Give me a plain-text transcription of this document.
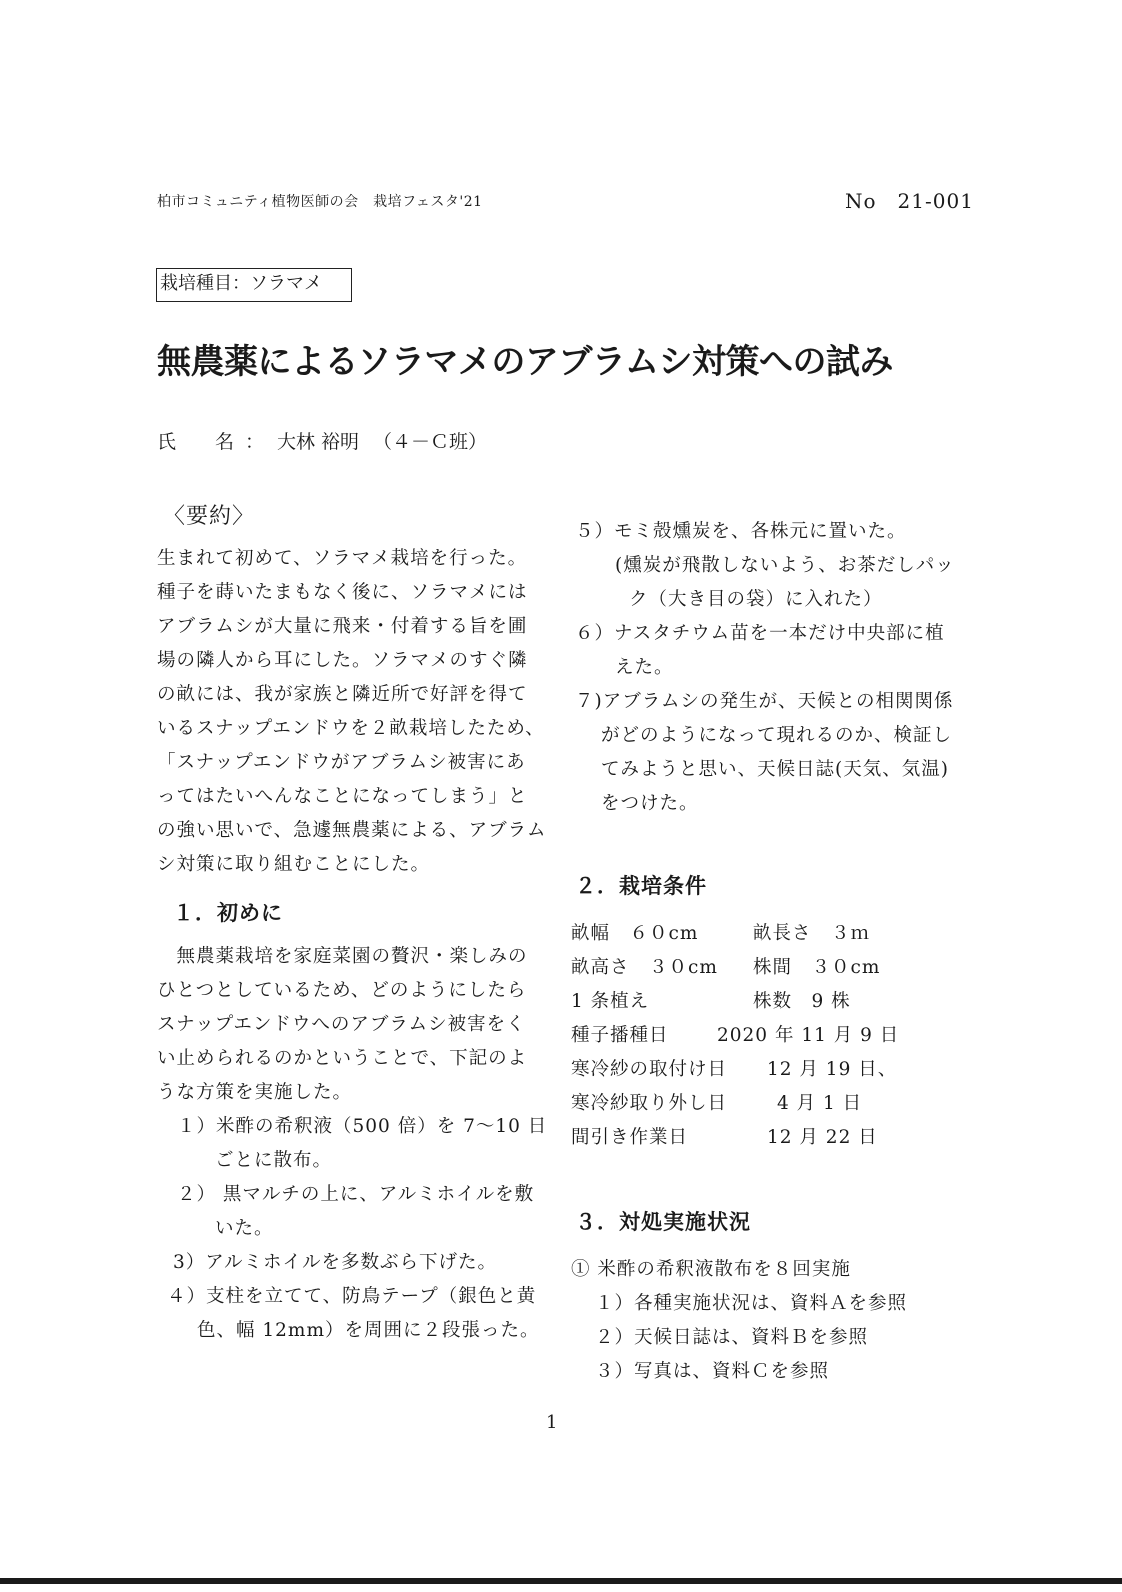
柏市コミュニティ植物医師の会　栽培フェスタ'21	No　21-001
栽培種目：ソラマメ
無農薬によるソラマメのアブラムシ対策への試み
氏 名 ： 大林 裕明 （４－Ｃ班）
〈要約〉
生まれて初めて、ソラマメ栽培を行った。
種子を蒔いたまもなく後に、ソラマメには
アブラムシが大量に飛来・付着する旨を圃
場の隣人から耳にした。ソラマメのすぐ隣
の畝には、我が家族と隣近所で好評を得て
いるスナップエンドウを２畝栽培したため、
「スナップエンドウがアブラムシ被害にあ
ってはたいへんなことになってしまう」と
の強い思いで、急遽無農薬による、アブラム
シ対策に取り組むことにした。
１．初めに
　無農薬栽培を家庭菜園の贅沢・楽しみの
ひとつとしているため、どのようにしたら
スナップエンドウへのアブラムシ被害をく
い止められるのかということで、下記のよ
うな方策を実施した。
１）米酢の希釈液（500 倍）を 7～10 日
ごとに散布。
２） 黒マルチの上に、アルミホイルを敷
いた。
3）アルミホイルを多数ぶら下げた。
４）支柱を立てて、防鳥テープ（銀色と黄
色、幅 12mm）を周囲に２段張った。
５）モミ殻燻炭を、各株元に置いた。
(燻炭が飛散しないよう、お茶だしパッ
ク（大き目の袋）に入れた）
６）ナスタチウム苗を一本だけ中央部に植
えた。
７)アブラムシの発生が、天候との相関関係
がどのようになって現れるのか、検証し
てみようと思い、天候日誌(天気、気温)
をつけた。
２．栽培条件
畝幅　６０cm	畝長さ　３ｍ
畝高さ　３０cm 株間　３０cm
1 条植え	株数　9 株
種子播種日	2020 年 11 月 9 日
寒冷紗の取付け日 12 月 19 日、
寒冷紗取り外し日	4 月 1 日
間引き作業日	12 月 22 日
３．対処実施状況
① 米酢の希釈液散布を８回実施
１）各種実施状況は、資料Ａを参照
２）天候日誌は、資料Ｂを参照
３）写真は、資料Ｃを参照
1
